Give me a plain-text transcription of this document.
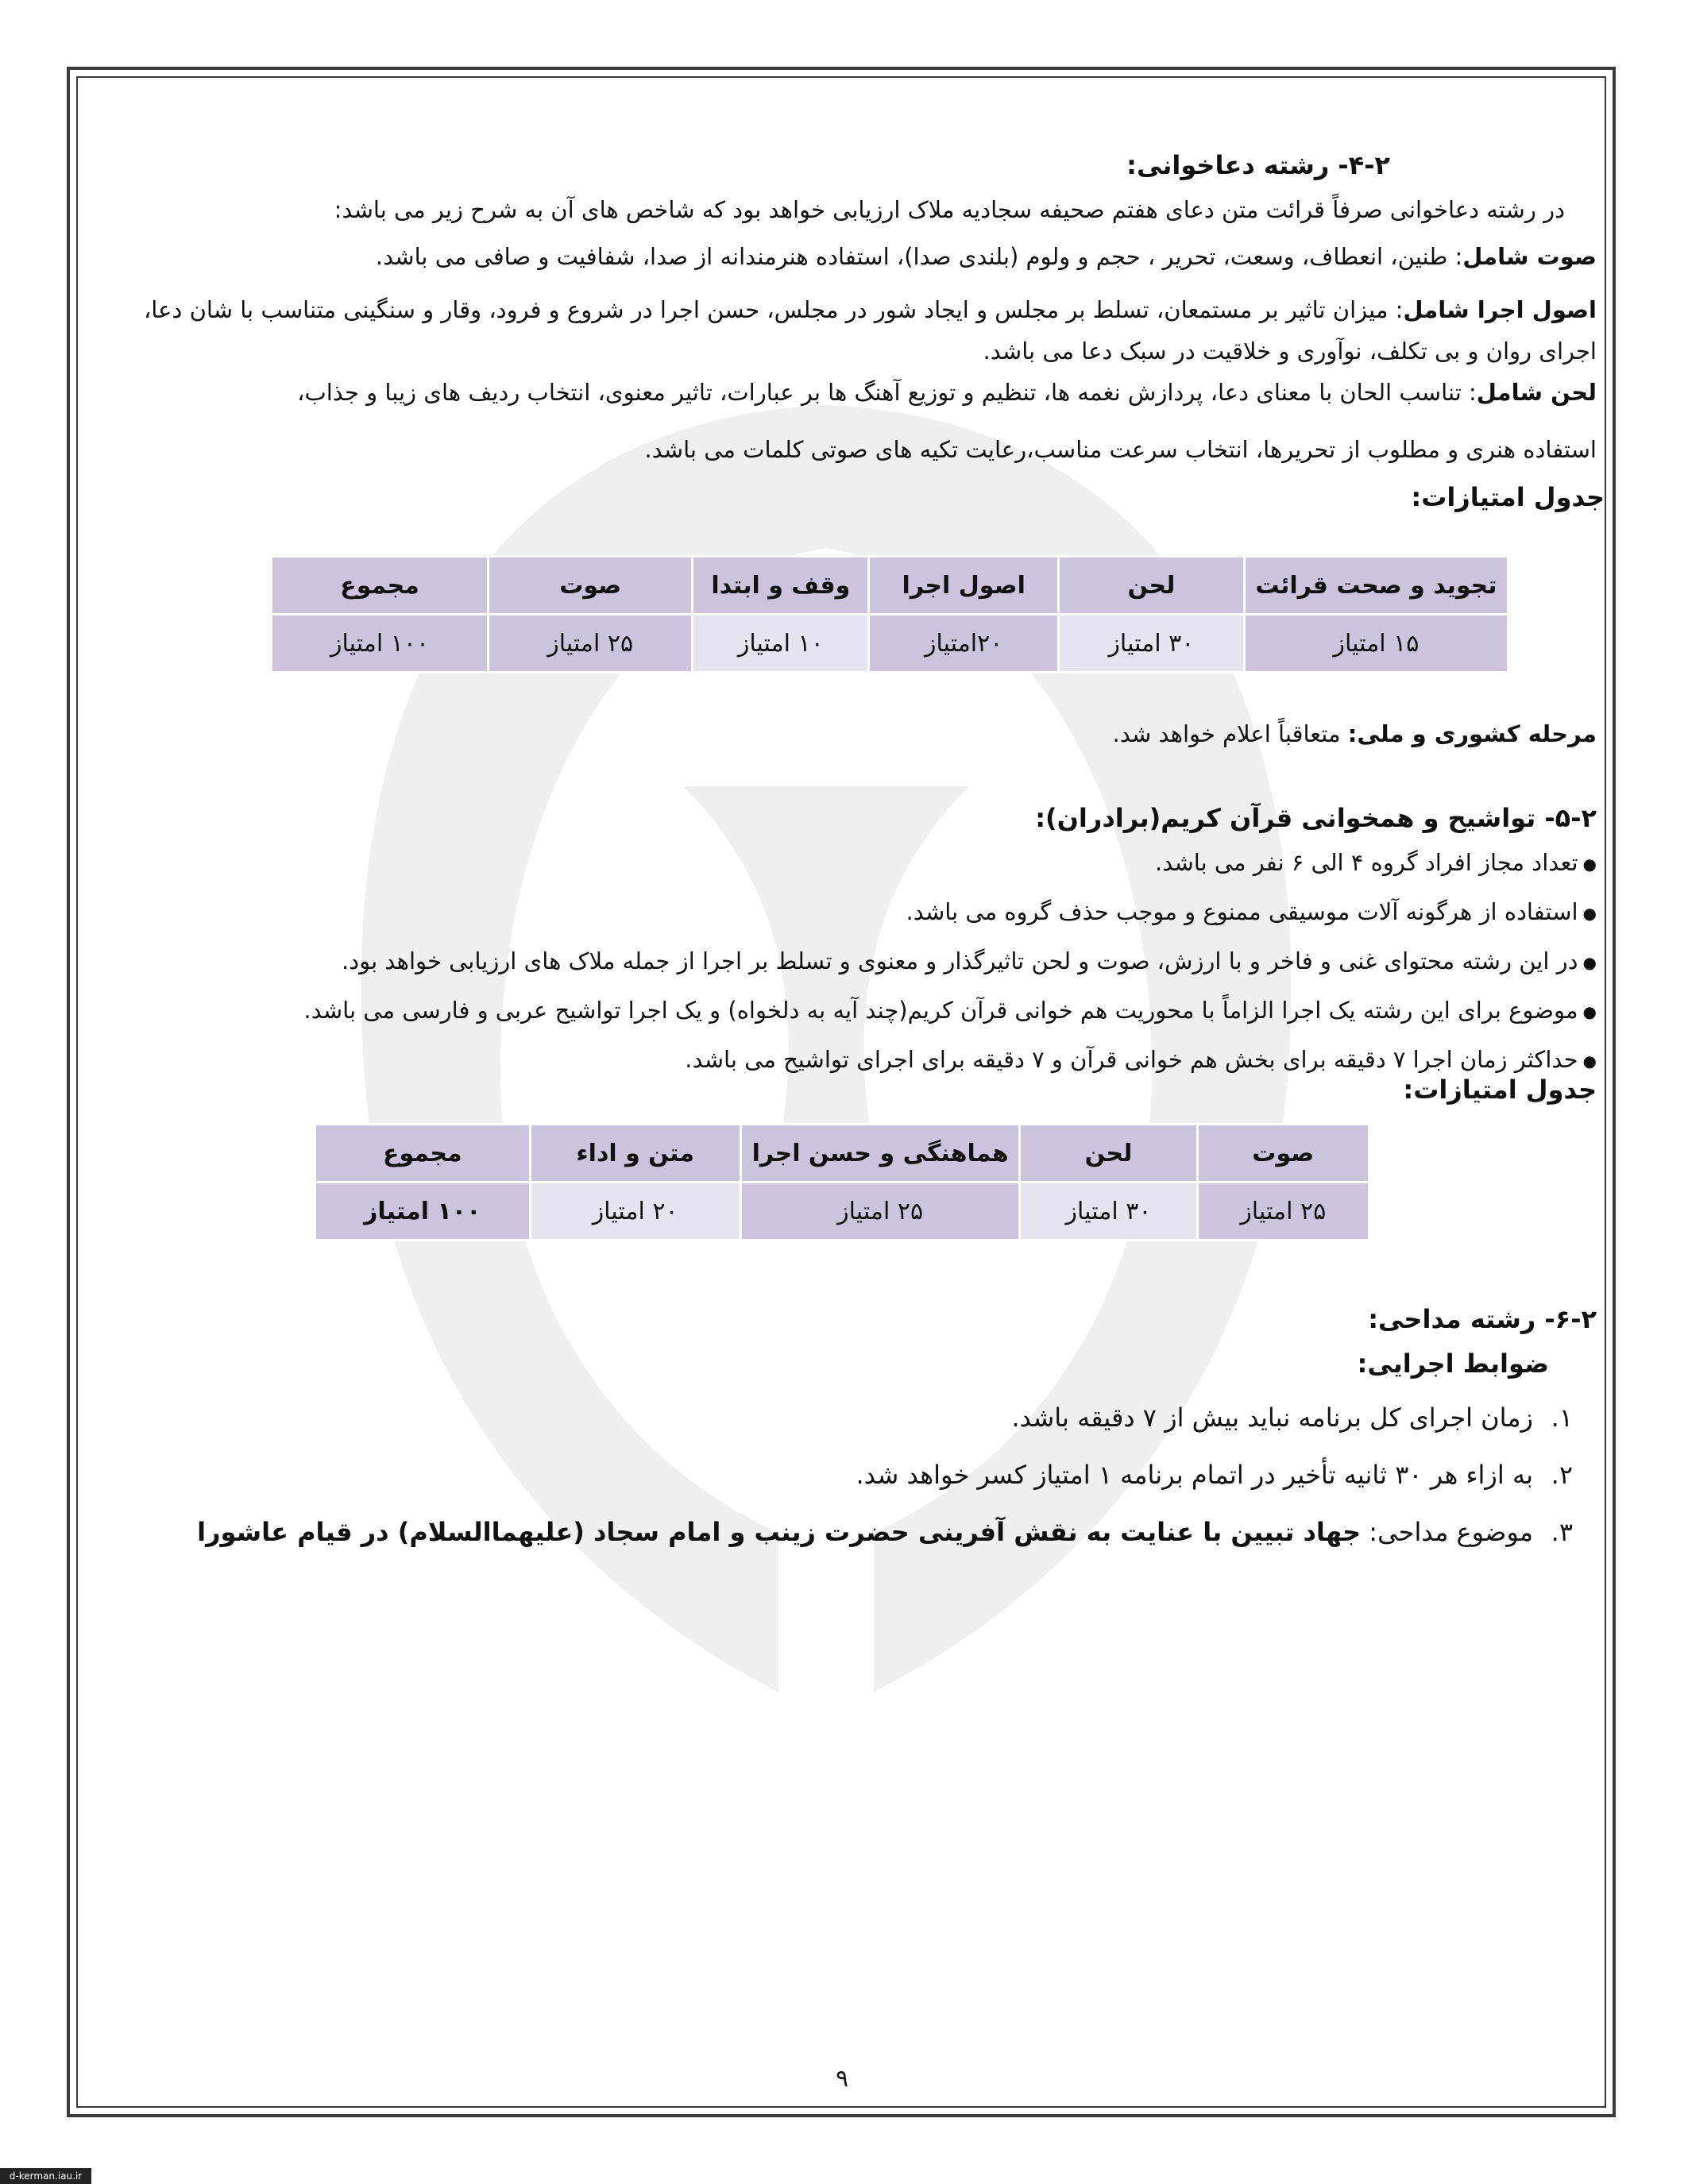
۴-۲- رشته دعاخوانی:
در رشته دعاخوانی صرفاً قرائت متن دعای هفتم صحیفه سجادیه ملاک ارزیابی خواهد بود که شاخص های آن به شرح زیر می باشد:
صوت شامل: طنین، انعطاف، وسعت، تحریر ، حجم و ولوم (بلندی صدا)، استفاده هنرمندانه از صدا، شفافیت و صافی می باشد.
اصول اجرا شامل: میزان تاثیر بر مستمعان، تسلط بر مجلس و ایجاد شور در مجلس، حسن اجرا در شروع و فرود، وقار و سنگینی متناسب با شان دعا، اجرای روان و بی تکلف، نوآوری و خلاقیت در سبک دعا می باشد.
لحن شامل: تناسب الحان با معنای دعا، پردازش نغمه ها، تنظیم و توزیع آهنگ ها بر عبارات، تاثیر معنوی، انتخاب ردیف های زیبا و جذاب،
استفاده هنری و مطلوب از تحریرها، انتخاب سرعت مناسب،رعایت تکیه های صوتی کلمات می باشد.
جدول امتیازات:
تجوید و صحت قرائت	لحن	اصول اجرا	وقف و ابتدا	صوت	مجموع
۱۵ امتیاز	۳۰ امتیاز	۲۰امتیاز	۱۰ امتیاز	۲۵ امتیاز	۱۰۰ امتیاز
مرحله کشوری و ملی: متعاقباً اعلام خواهد شد.
۵-۲- تواشیح و همخوانی قرآن کریم(برادران):
● تعداد مجاز افراد گروه ۴ الی ۶ نفر می باشد.
● استفاده از هرگونه آلات موسیقی ممنوع و موجب حذف گروه می باشد.
● در این رشته محتوای غنی و فاخر و با ارزش، صوت و لحن تاثیرگذار و معنوی و تسلط بر اجرا از جمله ملاک های ارزیابی خواهد بود.
● موضوع برای این رشته یک اجرا الزاماً با محوریت هم خوانی قرآن کریم(چند آیه به دلخواه) و یک اجرا تواشیح عربی و فارسی می باشد.
● حداکثر زمان اجرا ۷ دقیقه برای بخش هم خوانی قرآن و ۷ دقیقه برای اجرای تواشیح می باشد.
جدول امتیازات:
صوت	لحن	هماهنگی و حسن اجرا	متن و اداء	مجموع
۲۵ امتیاز	۳۰ امتیاز	۲۵ امتیاز	۲۰ امتیاز	۱۰۰ امتیاز
۶-۲- رشته مداحی:
ضوابط اجرایی:
۱.زمان اجرای کل برنامه نباید بیش از ۷ دقیقه باشد.
۲.به ازاء هر ۳۰ ثانیه تأخیر در اتمام برنامه ۱ امتیاز کسر خواهد شد.
۳.موضوع مداحی: جهاد تبیین با عنایت به نقش آفرینی حضرت زینب و امام سجاد (علیهماالسلام) در قیام عاشورا
۹
d-kerman.iau.ir
